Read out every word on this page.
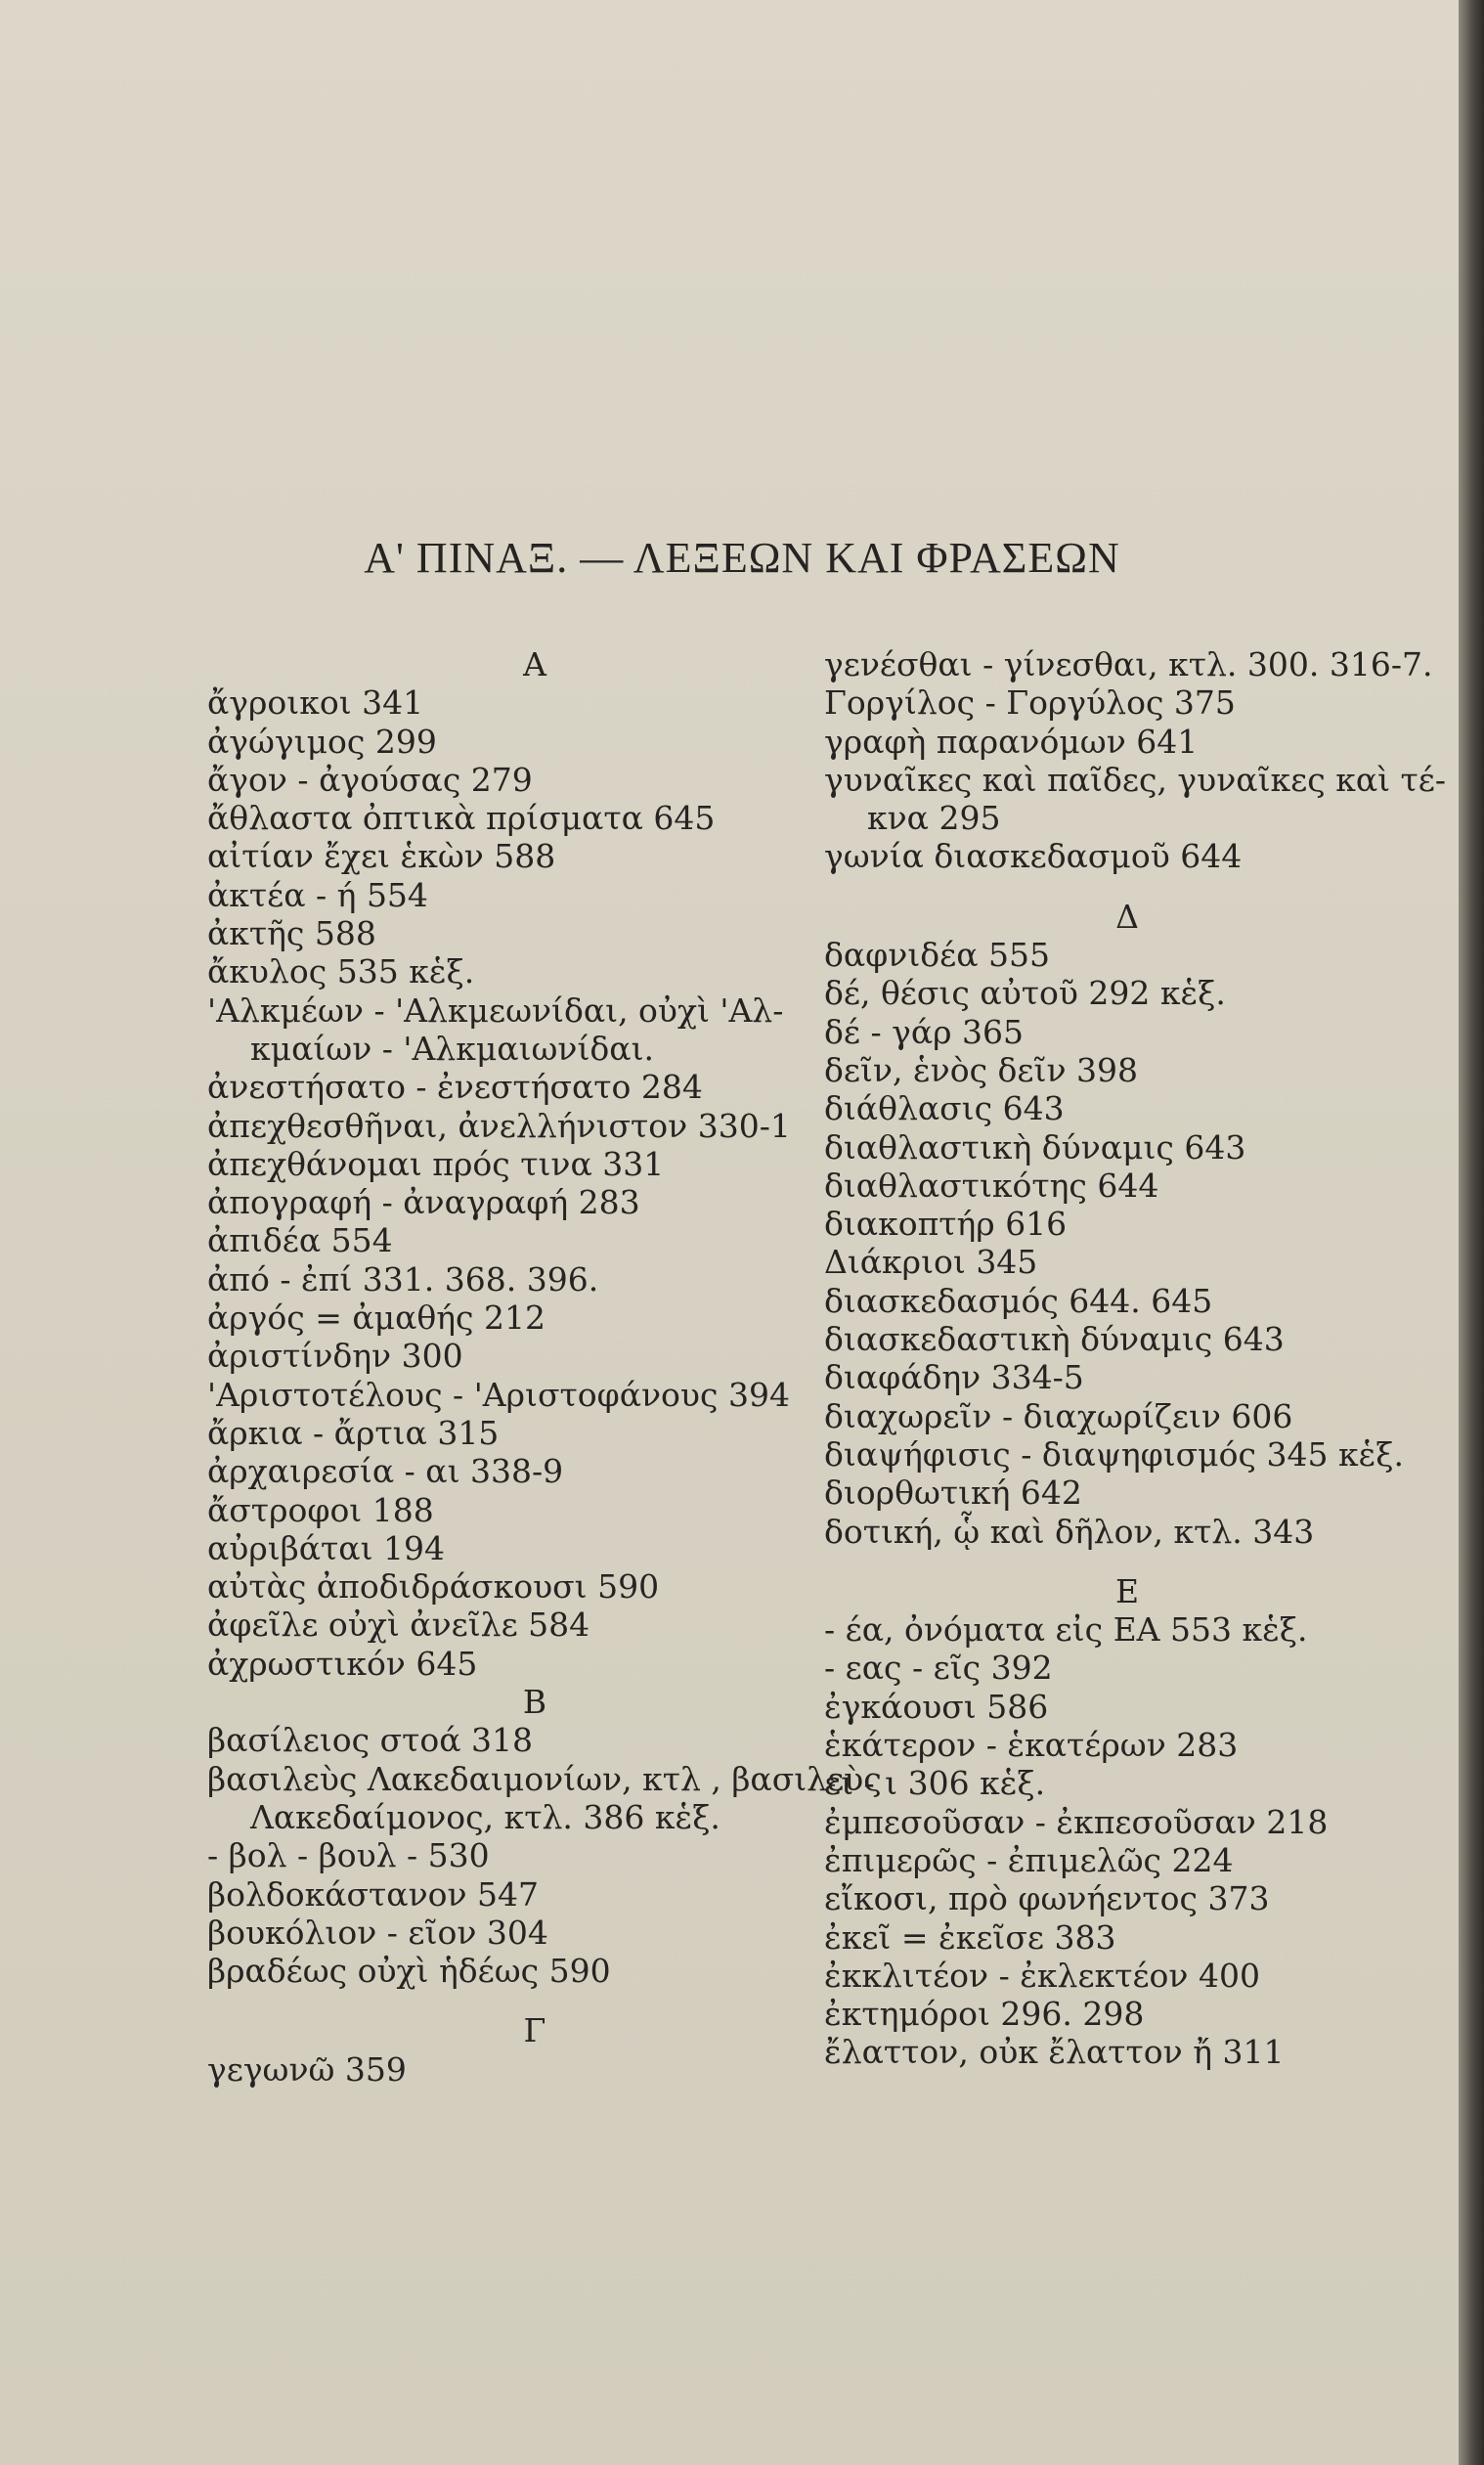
Α' ΠΙΝΑΞ. — ΛΕΞΕΩΝ ΚΑΙ ΦΡΑΣΕΩΝ
Α
ἄγροικοι 341
ἀγώγιμος 299
ἄγον - ἀγούσας 279
ἄθλαστα ὀπτικὰ πρίσματα 645
αἰτίαν ἔχει ἑκὼν 588
ἀκτέα - ή 554
ἀκτῆς 588
ἄκυλος 535 κἑξ.
'Αλκμέων - 'Αλκμεωνίδαι, οὐχὶ 'Αλ-
κμαίων - 'Αλκμαιωνίδαι.
ἀνεστήσατο - ἐνεστήσατο 284
ἀπεχθεσθῆναι, ἀνελλήνιστον 330-1
ἀπεχθάνομαι πρός τινα 331
ἀπογραφή - ἀναγραφή 283
ἀπιδέα 554
ἀπό - ἐπί 331. 368. 396.
ἀργός = ἀμαθής 212
ἀριστίνδην 300
'Αριστοτέλους - 'Αριστοφάνους 394
ἄρκια - ἄρτια 315
ἀρχαιρεσία - αι 338-9
ἄστροφοι 188
αὐριβάται 194
αὐτὰς ἀποδιδράσκουσι 590
ἀφεῖλε οὐχὶ ἀνεῖλε 584
ἀχρωστικόν 645
Β
βασίλειος στοά 318
βασιλεὺς Λακεδαιμονίων, κτλ , βασιλεὺς
Λακεδαίμονος, κτλ. 386 κἑξ.
- βολ - βουλ - 530
βολδοκάστανον 547
βουκόλιον - εῖον 304
βραδέως οὐχὶ ἡδέως 590
Γ
γεγωνῶ 359
γενέσθαι - γίνεσθαι, κτλ. 300. 316-7.
Γοργίλος - Γοργύλος 375
γραφὴ παρανόμων 641
γυναῖκες καὶ παῖδες, γυναῖκες καὶ τέ-
κνα 295
γωνία διασκεδασμοῦ 644
Δ
δαφνιδέα 555
δέ, θέσις αὐτοῦ 292 κἑξ.
δέ - γάρ 365
δεῖν, ἑνὸς δεῖν 398
διάθλασις 643
διαθλαστικὴ δύναμις 643
διαθλαστικότης 644
διακοπτήρ 616
Διάκριοι 345
διασκεδασμός 644. 645
διασκεδαστικὴ δύναμις 643
διαφάδην 334-5
διαχωρεῖν - διαχωρίζειν 606
διαψήφισις - διαψηφισμός 345 κἑξ.
διορθωτική 642
δοτική, ᾧ καὶ δῆλον, κτλ. 343
Ε
- έα, ὀνόματα εἰς ΕΑ 553 κἑξ.
- εας - εῖς 392
ἐγκάουσι 586
ἑκάτερον - ἑκατέρων 283
ει - ι 306 κἑξ.
ἐμπεσοῦσαν - ἐκπεσοῦσαν 218
ἐπιμερῶς - ἐπιμελῶς 224
εἴκοσι, πρὸ φωνήεντος 373
ἐκεῖ = ἐκεῖσε 383
ἐκκλιτέον - ἐκλεκτέον 400
ἐκτημόροι 296. 298
ἔλαττον, οὐκ ἔλαττον ἤ 311
